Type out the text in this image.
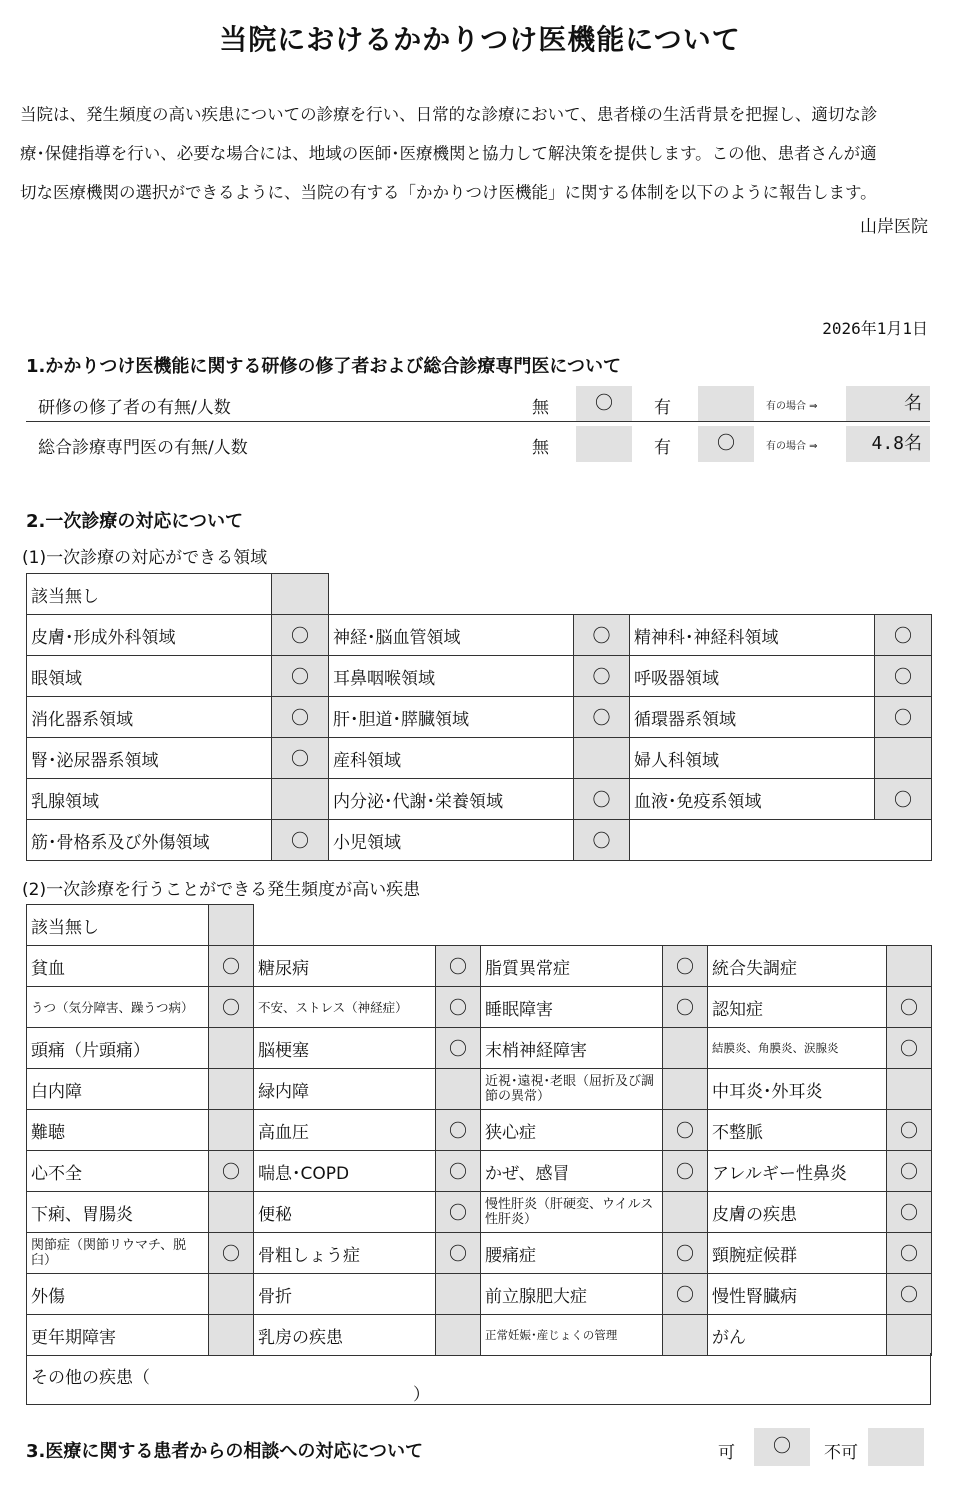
当院におけるかかりつけ医機能について
当院は、発生頻度の高い疾患についての診療を行い、日常的な診療において、患者様の生活背景を把握し、適切な診
療･保健指導を行い、必要な場合には、地域の医師･医療機関と協力して解決策を提供します。この他、患者さんが適
切な医療機関の選択ができるように、当院の有する「かかりつけ医機能」に関する体制を以下のように報告します。
山岸医院
2026年1月1日
1.かかりつけ医機能に関する研修の修了者および総合診療専門医について
研修の修了者の有無/人数	無	〇	有	有の場合 ⇒	名
総合診療専門医の有無/人数	無	有	〇	有の場合 ⇒	4.8名
2.一次診療の対応について
(1)一次診療の対応ができる領域
該当無し					
皮膚･形成外科領域	〇	神経･脳血管領域	〇	精神科･神経科領域	〇
眼領域	〇	耳鼻咽喉領域	〇	呼吸器領域	〇
消化器系領域	〇	肝･胆道･膵臓領域	〇	循環器系領域	〇
腎･泌尿器系領域	〇	産科領域		婦人科領域	
乳腺領域		内分泌･代謝･栄養領域	〇	血液･免疫系領域	〇
筋･骨格系及び外傷領域	〇	小児領域	〇		
(2)一次診療を行うことができる発生頻度が高い疾患
該当無し							
貧血	〇	糖尿病	〇	脂質異常症	〇	統合失調症	
うつ（気分障害、躁うつ病）	〇	不安、ストレス（神経症）	〇	睡眠障害	〇	認知症	〇
頭痛（片頭痛）		脳梗塞	〇	末梢神経障害		結膜炎、角膜炎、涙腺炎	〇
白内障		緑内障		近視･遠視･老眼（屈折及び調節の異常）		中耳炎･外耳炎	
難聴		高血圧	〇	狭心症	〇	不整脈	〇
心不全	〇	喘息･COPD	〇	かぜ、感冒	〇	アレルギー性鼻炎	〇
下痢、胃腸炎		便秘	〇	慢性肝炎（肝硬変、ウイルス性肝炎）		皮膚の疾患	〇
関節症（関節リウマチ、脱臼）	〇	骨粗しょう症	〇	腰痛症	〇	頸腕症候群	〇
外傷		骨折		前立腺肥大症	〇	慢性腎臓病	〇
更年期障害		乳房の疾患		正常妊娠･産じょくの管理		がん	
その他の疾患（
）
3.医療に関する患者からの相談への対応について	可	〇	不可
